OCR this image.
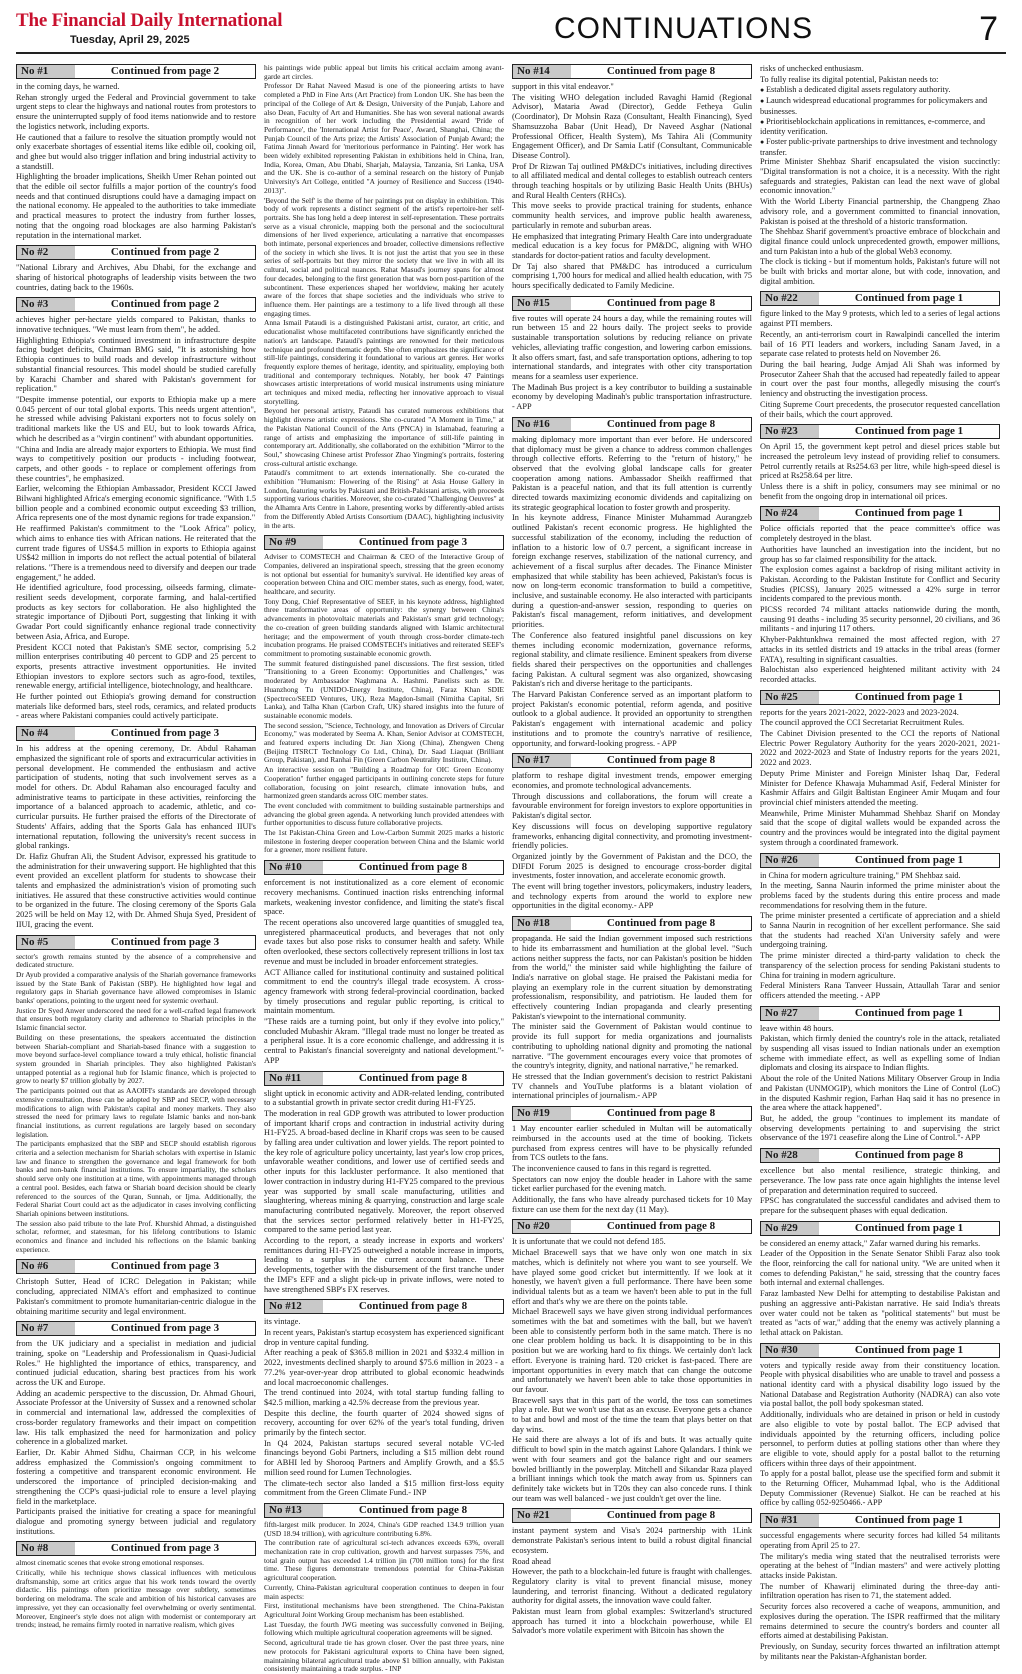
The Financial Daily International
Tuesday, April 29, 2025	CONTINUATIONS	7
No #1	Continued from page 2

in the coming days, he warned.

Rehan strongly urged the Federal and Provincial government to take urgent steps to clear the highways and national routes from protestors to ensure the uninterrupted supply of food items nationwide and to restore the logistics network, including exports.

He cautioned that a failure to resolve the situation promptly would not only exacerbate shortages of essential items like edible oil, cooking oil, and ghee but would also trigger inflation and bring industrial activity to a standstill.

Highlighting the broader implications, Sheikh Umer Rehan pointed out that the edible oil sector fulfills a major portion of the country's food needs and that continued disruptions could have a damaging impact on the national economy. He appealed to the authorities to take immediate and practical measures to protect the industry from further losses, noting that the ongoing road blockages are also harming Pakistan's reputation in the international market.

No #2	Continued from page 2

"National Library and Archives, Abu Dhabi, for the exchange and sharing of historical photographs of leadership visits between the two countries, dating back to the 1960s.

No #3	Continued from page 2

achieves higher per-hectare yields compared to Pakistan, thanks to innovative techniques. "We must learn from them", he added.

Highlighting Ethiopia's continued investment in infrastructure despite facing budget deficits, Chairman BMG said, "It is astonishing how Ethiopia continues to build roads and develop infrastructure without substantial financial resources. This model should be studied carefully by Karachi Chamber and shared with Pakistan's government for replication."

"Despite immense potential, our exports to Ethiopia make up a mere 0.045 percent of our total global exports. This needs urgent attention", he stressed while advising Pakistani exporters not to focus solely on traditional markets like the US and EU, but to look towards Africa, which he described as a "virgin continent" with abundant opportunities.

"China and India are already major exporters to Ethiopia. We must find ways to competitively position our products - including footwear, carpets, and other goods - to replace or complement offerings from these countries", he emphasized.

Earlier, welcoming the Ethiopian Ambassador, President KCCI Jawed Bilwani highlighted Africa's emerging economic significance. "With 1.5 billion people and a combined economic output exceeding $3 trillion, Africa represents one of the most dynamic regions for trade expansion."

He reaffirmed Pakistan's commitment to the "Look Africa" policy, which aims to enhance ties with African nations. He reiterated that the current trade figures of US$4.5 million in exports to Ethiopia against US$42 million in imports do not reflect the actual potential of bilateral relations. "There is a tremendous need to diversify and deepen our trade engagement," he added.

He identified agriculture, food processing, oilseeds farming, climate-resilient seeds development, corporate farming, and halal-certified products as key sectors for collaboration. He also highlighted the strategic importance of Djibouti Port, suggesting that linking it with Gwadar Port could significantly enhance regional trade connectivity between Asia, Africa, and Europe.

President KCCI noted that Pakistan's SME sector, comprising 5.2 million enterprises contributing 40 percent to GDP and 25 percent to exports, presents attractive investment opportunities. He invited Ethiopian investors to explore sectors such as agro-food, textiles, renewable energy, artificial intelligence, biotechnology, and healthcare.

He further pointed out Ethiopia's growing demand for construction materials like deformed bars, steel rods, ceramics, and related products - areas where Pakistani companies could actively participate.

No #4	Continued from page 3

In his address at the opening ceremony, Dr. Abdul Rahaman emphasized the significant role of sports and extracurricular activities in personal development. He commended the enthusiasm and active participation of students, noting that such involvement serves as a model for others. Dr. Abdul Rahaman also encouraged faculty and administrative teams to participate in these activities, reinforcing the importance of a balanced approach to academic, athletic, and co-curricular pursuits. He further praised the efforts of the Directorate of Students' Affairs, adding that the Sports Gala has enhanced IIUI's international reputation, following the university's recent success in global rankings.

Dr. Hafiz Ghufran Ali, the Student Advisor, expressed his gratitude to the administration for their unwavering support. He highlighted that this event provided an excellent platform for students to showcase their talents and emphasized the administration's vision of promoting such initiatives. He assured that these constructive activities would continue to be organized in the future. The closing ceremony of the Sports Gala 2025 will be held on May 12, with Dr. Ahmed Shuja Syed, President of IIUI, gracing the event.

No #5	Continued from page 3

sector's growth remains stunted by the absence of a comprehensive and dedicated structure.

Dr Ayub provided a comparative analysis of the Shariah governance frameworks issued by the State Bank of Pakistan (SBP). He highlighted how legal and regulatory gaps in Shariah governance have allowed compromises in Islamic banks' operations, pointing to the urgent need for systemic overhaul.

Justice Dr Syed Anwer underscored the need for a well-crafted legal framework that ensures both regulatory clarity and adherence to Shariah principles in the Islamic financial sector.

Building on these presentations, the speakers accentuated the distinction between Shariah-compliant and Shariah-based finance with a suggestion to move beyond surface-level compliance toward a truly ethical, holistic financial system grounded in Shariah principles. They also highlighted Pakistan's untapped potential as a regional hub for Islamic finance, which is projected to grow to nearly $7 trillion globally by 2027.

The participants pointed out that as AAOIFI's standards are developed through extensive consultation, these can be adopted by SBP and SECP, with necessary modifications to align with Pakistan's capital and money markets. They also stressed the need for primary laws to regulate Islamic banks and non-bank financial institutions, as current regulations are largely based on secondary legislation.

The participants emphasized that the SBP and SECP should establish rigorous criteria and a selection mechanism for Shariah scholars with expertise in Islamic law and finance to strengthen the governance and legal framework for both banks and non-bank financial institutions. To ensure impartiality, the scholars should serve only one institution at a time, with appointments managed through a central pool. Besides, each fatwa or Shariah board decision should be clearly referenced to the sources of the Quran, Sunnah, or Ijma. Additionally, the Federal Shariat Court could act as the adjudicator in cases involving conflicting Shariah opinions between institutions.

The session also paid tribute to the late Prof. Khurshid Ahmad, a distinguished scholar, reformer, and statesman, for his lifelong contributions to Islamic economics and finance and included his reflections on the Islamic banking experience.

No #6	Continued from page 3

Christoph Sutter, Head of ICRC Delegation in Pakistan; while concluding, appreciated NIMA's effort and emphasized to continue Pakistan's commitment to promote humanitarian-centric dialogue in the obtaining maritime security and legal environment.

No #7	Continued from page 3

from the UK judiciary and a specialist in mediation and judicial training, spoke on "Leadership and Professionalism in Quasi-Judicial Roles." He highlighted the importance of ethics, transparency, and continued judicial education, sharing best practices from his work across the UK and Europe.

Adding an academic perspective to the discussion, Dr. Ahmad Ghouri, Associate Professor at the University of Sussex and a renowned scholar in commercial and international law, addressed the complexities of cross-border regulatory frameworks and their impact on competition law. His talk emphasized the need for harmonization and policy coherence in a globalized market.

Earlier, Dr. Kabir Ahmed Sidhu, Chairman CCP, in his welcome address emphasized the Commission's ongoing commitment to fostering a competitive and transparent economic environment. He underscored the importance of principled decision-making and strengthening the CCP's quasi-judicial role to ensure a level playing field in the marketplace.

Participants praised the initiative for creating a space for meaningful dialogue and promoting synergy between judicial and regulatory institutions.

No #8	Continued from page 3

almost cinematic scenes that evoke strong emotional responses.

Critically, while his technique shows classical influences with meticulous draftsmanship, some art critics argue that his work tends toward the overtly didactic. His paintings often prioritize message over subtlety, sometimes bordering on melodrama. The scale and ambition of his historical canvases are impressive, yet they can occasionally feel overwhelming or overly sentimental. Moreover, Engineer's style does not align with modernist or contemporary art trends; instead, he remains firmly rooted in narrative realism, which gives

his paintings wide public appeal but limits his critical acclaim among avant-garde art circles.

Professor Dr Rahat Naveed Masud is one of the pioneering artists to have completed a PhD in Fine Arts (Art Practice) from London UK. She has been the principal of the College of Art & Design, University of the Punjab, Lahore and also Dean, Faculty of Art and Humanities. She has won several national awards in recognition of her work including the Presidential award 'Pride of Performance', the 'International Artist for Peace', Award, Shanghai, China; the Punjab Council of the Arts prize; the Artists' Association of Punjab Award; the Fatima Jinnah Award for 'meritorious performance in Painting'. Her work has been widely exhibited representing Pakistan in exhibitions held in China, Iran, India, Korea, Oman, Abu Dhabi, Sharjah, Malaysia, Tanzania, Sri Lanka, USA and the UK. She is co-author of a seminal research on the history of Punjab University's Art College, entitled "A journey of Resilience and Success (1940-2013)".

'Beyond the Self' is the theme of her paintings put on display in exhibition. This body of work represents a distinct segment of the artist's repertoire-her self-portraits. She has long held a deep interest in self-representation. These portraits serve as a visual chronicle, mapping both the personal and the sociocultural dimensions of her lived experience, articulating a narrative that encompasses both intimate, personal experiences and broader, collective dimensions reflective of the society in which she lives. It is not just the artist that you see in these series of self-portraits but they mirror the society that we live in with all its cultural, social and political nuances. Rahat Masud's journey spans for almost four decades, belonging to the first generation that was born post-partition of the subcontinent. These experiences shaped her worldview, making her acutely aware of the forces that shape societies and the individuals who strive to influence them. Her paintings are a testimony to a life lived through all these engaging times.

Anna Ismail Pataudi is a distinguished Pakistani artist, curator, art critic, and educationalist whose multifaceted contributions have significantly enriched the nation's art landscape. Pataudi's paintings are renowned for their meticulous technique and profound thematic depth. She often emphasizes the significance of still-life paintings, considering it foundational to various art genres. Her works frequently explore themes of heritage, identity, and spirituality, employing both traditional and contemporary techniques. Notably, her book 47 Paintings showcases artistic interpretations of world musical instruments using miniature art techniques and mixed media, reflecting her innovative approach to visual storytelling.

Beyond her personal artistry, Pataudi has curated numerous exhibitions that highlight diverse artistic expressions. She co-curated "A Moment in Time," at the Pakistan National Council of the Arts (PNCA) in Islamabad, featuring a range of artists and emphasizing the importance of still-life painting in contemporary art. Additionally, she collaborated on the exhibition "Mirror to the Soul," showcasing Chinese artist Professor Zhao Yingming's portraits, fostering cross-cultural artistic exchange.

Pataudi's commitment to art extends internationally. She co-curated the exhibition "Humanism: Flowering of the Rising" at Asia House Gallery in London, featuring works by Pakistani and British-Pakistani artists, with proceeds supporting various charities. Moreover, she co-curated "Challenging Oeuvres" at the Alhamra Arts Centre in Lahore, presenting works by differently-abled artists from the Differently Abled Artists Consortium (DAAC), highlighting inclusivity in the arts.

No #9	Continued from page 3

Adviser to COMSTECH and Chairman & CEO of the Interactive Group of Companies, delivered an inspirational speech, stressing that the green economy is not optional but essential for humanity's survival. He identified key areas of cooperation between China and OIC member states, such as energy, food, water, healthcare, and security.

Tony Dong, Chief Representative of SEEF, in his keynote address, highlighted three transformative areas of opportunity: the synergy between China's advancements in photovoltaic materials and Pakistan's smart grid technology; the co-creation of green building standards aligned with Islamic architectural heritage; and the empowerment of youth through cross-border climate-tech incubation programs. He praised COMSTECH's initiatives and reiterated SEEF's commitment to promoting sustainable economic growth.

The summit featured distinguished panel discussions. The first session, titled "Transitioning to a Green Economy: Opportunities and Challenges," was moderated by Ambassador Naghmana A. Hashmi. Panelists such as Dr. Huanzhong Tu (UNIDO-Energy Institute, China), Faraz Khan SDIE (Spectreco/SEED Ventures, UK), Reza Magdon-Ismail (Nimitha Capital, Sri Lanka), and Talha Khan (Carbon Craft, UK) shared insights into the future of sustainable economic models.

The second session, "Science, Technology, and Innovation as Drivers of Circular Economy," was moderated by Seema A. Khan, Senior Advisor at COMSTECH, and featured experts including Dr. Jian Xiong (China), Zhengwen Cheng (Beijing ITSRCT Technology Co Ltd., China), Dr. Saad Liaquat (Brilliant Group, Pakistan), and Ranhai Fin (Green Carbon Neutrality Institute, China).

An interactive session on "Building a Roadmap for OIC Green Economy Cooperation" further engaged participants in outlining concrete steps for future collaboration, focusing on joint research, climate innovation hubs, and harmonized green standards across OIC member states.

The event concluded with commitment to building sustainable partnerships and advancing the global green agenda. A networking lunch provided attendees with further opportunities to discuss future collaborative projects.

The 1st Pakistan-China Green and Low-Carbon Summit 2025 marks a historic milestone in fostering deeper cooperation between China and the Islamic world for a greener, more resilient future.

No #10	Continued from page 8

enforcement is not institutionalized as a core element of economic recovery mechanisms. Continued inaction risks entrenching informal markets, weakening investor confidence, and limiting the state's fiscal space.

The recent operations also uncovered large quantities of smuggled tea, unregistered pharmaceutical products, and beverages that not only evade taxes but also pose risks to consumer health and safety. While often overlooked, these sectors collectively represent trillions in lost tax revenue and must be included in broader enforcement strategies.

ACT Alliance called for institutional continuity and sustained political commitment to end the country's illegal trade ecosystem. A cross-agency framework with strong federal-provincial coordination, backed by timely prosecutions and regular public reporting, is critical to maintain momentum.

"These raids are a turning point, but only if they evolve into policy," concluded Mubashir Akram. "Illegal trade must no longer be treated as a peripheral issue. It is a core economic challenge, and addressing it is central to Pakistan's financial sovereignty and national development."- APP

No #11	Continued from page 8

slight uptick in economic activity and ADR-related lending, contributed to a substantial growth in private sector credit during H1-FY25.

The moderation in real GDP growth was attributed to lower production of important kharif crops and contraction in industrial activity during H1-FY25. A broad-based decline in Kharif crops was seen to be caused by falling area under cultivation and lower yields. The report pointed to the key role of agriculture policy uncertainty, last year's low crop prices, unfavorable weather conditions, and lower use of certified seeds and other inputs for this lackluster performance. It also mentioned that lower contraction in industry during H1-FY25 compared to the previous year was supported by small scale manufacturing, utilities and slaughtering, whereas mining & quarrying, construction and large scale manufacturing contributed negatively. Moreover, the report observed that the services sector performed relatively better in H1-FY25, compared to the same period last year.

According to the report, a steady increase in exports and workers' remittances during H1-FY25 outweighed a notable increase in imports, leading to a surplus in the current account balance. These developments, together with the disbursement of the first tranche under the IMF's EFF and a slight pick-up in private inflows, were noted to have strengthened SBP's FX reserves.

No #12	Continued from page 8

its vintage.

In recent years, Pakistan's startup ecosystem has experienced significant drop in venture capital funding.

After reaching a peak of $365.8 million in 2021 and $332.4 million in 2022, investments declined sharply to around $75.6 million in 2023 - a 77.2% year-over-year drop attributed to global economic headwinds and local macroeconomic challenges.

The trend continued into 2024, with total startup funding falling to $42.5 million, marking a 42.5% decrease from the previous year.

Despite this decline, the fourth quarter of 2024 showed signs of recovery, accounting for over 62% of the year's total funding, driven primarily by the fintech sector.

In Q4 2024, Pakistan startups secured several notable VC-led financings beyond Gobi Partners, including a $15 million debt round for ABHI led by Shorooq Partners and Amplify Growth, and a $5.5 million seed round for Lumen Technologies.

The climate-tech sector also landed a $15 million first-loss equity commitment from the Green Climate Fund.- INP

No #13	Continued from page 8

fifth-largest milk producer. In 2024, China's GDP reached 134.9 trillion yuan (USD 18.94 trillion), with agriculture contributing 6.8%.

The contribution rate of agricultural sci-tech advances exceeds 63%, overall mechanization rate in crop cultivation, growth and harvest surpasses 75%, and total grain output has exceeded 1.4 trillion jin (700 million tons) for the first time. These figures demonstrate tremendous potential for China-Pakistan agricultural cooperation.

Currently, China-Pakistan agricultural cooperation continues to deepen in four main aspects:

First, institutional mechanisms have been strengthened. The China-Pakistan Agricultural Joint Working Group mechanism has been established.

Last Tuesday, the fourth JWG meeting was successfully convened in Beijing, following which multiple agricultural cooperation agreements will be signed.

Second, agricultural trade tie has grown closer. Over the past three years, nine new protocols for Pakistani agricultural exports to China have been signed, maintaining bilateral agricultural trade above $1 billion annually, with Pakistan consistently maintaining a trade surplus. - INP

No #14	Continued from page 8

support in this vital endeavor."

The visiting WHO delegation included Ravaghi Hamid (Regional Advisor), Mataria Awad (Director), Gedde Fetheya Gulin (Coordinator), Dr Mohsin Raza (Consultant, Health Financing), Syed Shamsuzzoha Babar (Unit Head), Dr Naveed Asghar (National Professional Officer, Health System), Ms Tahira Ali (Community Engagement Officer), and Dr Samia Latif (Consultant, Communicable Disease Control).

Prof Dr Rizwan Taj outlined PM&DC's initiatives, including directives to all affiliated medical and dental colleges to establish outreach centers through teaching hospitals or by utilizing Basic Health Units (BHUs) and Rural Health Centers (RHCs).

This move seeks to provide practical training for students, enhance community health services, and improve public health awareness, particularly in remote and suburban areas.

He emphasized that integrating Primary Health Care into undergraduate medical education is a key focus for PM&DC, aligning with WHO standards for doctor-patient ratios and faculty development.

Dr Taj also shared that PM&DC has introduced a curriculum comprising 1,700 hours for medical and allied health education, with 75 hours specifically dedicated to Family Medicine.

No #15	Continued from page 8

five routes will operate 24 hours a day, while the remaining routes will run between 15 and 22 hours daily. The project seeks to provide sustainable transportation solutions by reducing reliance on private vehicles, alleviating traffic congestion, and lowering carbon emissions. It also offers smart, fast, and safe transportation options, adhering to top international standards, and integrates with other city transportation means for a seamless user experience.

The Madinah Bus project is a key contributor to building a sustainable economy by developing Madinah's public transportation infrastructure. - APP

No #16	Continued from page 8

making diplomacy more important than ever before. He underscored that diplomacy must be given a chance to address common challenges through collective efforts. Referring to the "return of history," he observed that the evolving global landscape calls for greater cooperation among nations. Ambassador Sheikh reaffirmed that Pakistan is a peaceful nation, and that its full attention is currently directed towards maximizing economic dividends and capitalizing on its strategic geographical location to foster growth and prosperity.

In his keynote address, Finance Minister Muhammad Aurangzeb outlined Pakistan's recent economic progress. He highlighted the successful stabilization of the economy, including the reduction of inflation to a historic low of 0.7 percent, a significant increase in foreign exchange reserves, stabilization of the national currency, and achievement of a fiscal surplus after decades. The Finance Minister emphasized that while stability has been achieved, Pakistan's focus is now on long-term economic transformation to build a competitive, inclusive, and sustainable economy. He also interacted with participants during a question-and-answer session, responding to queries on Pakistan's fiscal management, reform initiatives, and development priorities.

The Conference also featured insightful panel discussions on key themes including economic modernization, governance reforms, regional stability, and climate resilience. Eminent speakers from diverse fields shared their perspectives on the opportunities and challenges facing Pakistan. A cultural segment was also organized, showcasing Pakistan's rich and diverse heritage to the participants.

The Harvard Pakistan Conference served as an important platform to project Pakistan's economic potential, reform agenda, and positive outlook to a global audience. It provided an opportunity to strengthen Pakistan's engagement with international academic and policy institutions and to promote the country's narrative of resilience, opportunity, and forward-looking progress. - APP

No #17	Continued from page 8

platform to reshape digital investment trends, empower emerging economies, and promote technological advancements.

Through discussions and collaborations, the forum will create a favourable environment for foreign investors to explore opportunities in Pakistan's digital sector.

Key discussions will focus on developing supportive regulatory frameworks, enhancing digital connectivity, and promoting investment-friendly policies.

Organized jointly by the Government of Pakistan and the DCO, the DIFDI Forum 2025 is designed to encourage cross-border digital investments, foster innovation, and accelerate economic growth.

The event will bring together investors, policymakers, industry leaders, and technology experts from around the world to explore new opportunities in the digital economy.- APP

No #18	Continued from page 8

propaganda. He said the Indian government imposed such restrictions to hide its embarrassment and humiliation at the global level. "Such actions neither suppress the facts, nor can Pakistan's position be hidden from the world," the minister said while highlighting the failure of India's narrative on global stage. He praised the Pakistani media for playing an exemplary role in the current situation by demonstrating professionalism, responsibility, and patriotism. He lauded them for effectively countering Indian propaganda and clearly presenting Pakistan's viewpoint to the international community.

The minister said the Government of Pakistan would continue to provide its full support for media organizations and journalists contributing to upholding national dignity and promoting the national narrative. "The government encourages every voice that promotes of the country's integrity, dignity, and national narrative," he remarked.

He stressed that the Indian government's decision to restrict Pakistani TV channels and YouTube platforms is a blatant violation of international principles of journalism.- APP

No #19	Continued from page 8

1 May encounter earlier scheduled in Multan will be automatically reimbursed in the accounts used at the time of booking. Tickets purchased from express centres will have to be physically refunded from TCS outlets to the fans.

The inconvenience caused to fans in this regard is regretted.

Spectators can now enjoy the double header in Lahore with the same ticket earlier purchased for the evening match.

Additionally, the fans who have already purchased tickets for 10 May fixture can use them for the next day (11 May).

No #20	Continued from page 8

It is unfortunate that we could not defend 185.

Michael Bracewell says that we have only won one match in six matches, which is definitely not where you want to see yourself. We have played some good cricket but intermittently. If we look at it honestly, we haven't given a full performance. There have been some individual talents but as a team we haven't been able to put in the full effort and that's why we are there on the points table.

Michael Bracewell says we have given strong individual performances sometimes with the bat and sometimes with the ball, but we haven't been able to consistently perform both in the same match. There is no one clear problem holding us back. It is disappointing to be in this position but we are working hard to fix things. We certainly don't lack effort. Everyone is training hard. T20 cricket is fast-paced. There are important opportunities in every match that can change the outcome and unfortunately we haven't been able to take those opportunities in our favour.

Bracewell says that in this part of the world, the toss can sometimes play a role. But we won't use that as an excuse. Everyone gets a chance to bat and bowl and most of the time the team that plays better on that day wins.

He said there are always a lot of ifs and buts. It was actually quite difficult to bowl spin in the match against Lahore Qalandars. I think we went with four seamers and got the balance right and our seamers bowled brilliantly in the powerplay. Mitchell and Sikandar Raza played a brilliant innings which took the match away from us. Spinners can definitely take wickets but in T20s they can also concede runs. I think our team was well balanced - we just couldn't get over the line.

No #21	Continued from page 8

instant payment system and Visa's 2024 partnership with 1Link demonstrate Pakistan's serious intent to build a robust digital financial ecosystem.

Road ahead

However, the path to a blockchain-led future is fraught with challenges. Regulatory clarity is vital to prevent financial misuse, money laundering, and terrorist financing. Without a dedicated regulatory authority for digital assets, the innovation wave could falter.

Pakistan must learn from global examples: Switzerland's structured approach has turned it into a blockchain powerhouse, while El Salvador's more volatile experiment with Bitcoin has shown the

risks of unchecked enthusiasm.

To fully realise its digital potential, Pakistan needs to:

● Establish a dedicated digital assets regulatory authority.
● Launch widespread educational programmes for policymakers and businesses.
● Prioritiseblockchain applications in remittances, e-commerce, and identity verification.
● Foster public-private partnerships to drive investment and technology transfer.

Prime Minister Shehbaz Sharif encapsulated the vision succinctly: "Digital transformation is not a choice, it is a necessity. With the right safeguards and strategies, Pakistan can lead the next wave of global economic innovation."

With the World Liberty Financial partnership, the Changpeng Zhao advisory role, and a government committed to financial innovation, Pakistan is poised at the threshold of a historic transformation.

The Shehbaz Sharif government's proactive embrace of blockchain and digital finance could unlock unprecedented growth, empower millions, and turn Pakistan into a hub of the global Web3 economy.

The clock is ticking - but if momentum holds, Pakistan's future will not be built with bricks and mortar alone, but with code, innovation, and digital ambition.

No #22	Continued from page 1

figure linked to the May 9 protests, which led to a series of legal actions against PTI members.

Recently, an anti-terrorism court in Rawalpindi cancelled the interim bail of 16 PTI leaders and workers, including Sanam Javed, in a separate case related to protests held on November 26.

During the bail hearing, Judge Amjad Ali Shah was informed by Prosecutor Zaheer Shah that the accused had repeatedly failed to appear in court over the past four months, allegedly misusing the court's leniency and obstructing the investigation process.

Citing Supreme Court precedents, the prosecutor requested cancellation of their bails, which the court approved.

No #23	Continued from page 1

On April 15, the government kept petrol and diesel prices stable but increased the petroleum levy instead of providing relief to consumers. Petrol currently retails at Rs254.63 per litre, while high-speed diesel is priced at Rs258.64 per litre.

Unless there is a shift in policy, consumers may see minimal or no benefit from the ongoing drop in international oil prices.

No #24	Continued from page 1

Police officials reported that the peace committee's office was completely destroyed in the blast.

Authorities have launched an investigation into the incident, but no group has so far claimed responsibility for the attack.

The explosion comes against a backdrop of rising militant activity in Pakistan. According to the Pakistan Institute for Conflict and Security Studies (PICSS), January 2025 witnessed a 42% surge in terror incidents compared to the previous month.

PICSS recorded 74 militant attacks nationwide during the month, causing 91 deaths - including 35 security personnel, 20 civilians, and 36 militants - and injuring 117 others.

Khyber-Pakhtunkhwa remained the most affected region, with 27 attacks in its settled districts and 19 attacks in the tribal areas (former FATA), resulting in significant casualties.

Balochistan also experienced heightened militant activity with 24 recorded attacks.

No #25	Continued from page 1

reports for the years 2021-2022, 2022-2023 and 2023-2024.

The council approved the CCI Secretariat Recruitment Rules.

The Cabinet Division presented to the CCI the reports of National Electric Power Regulatory Authority for the years 2020-2021, 2021-2022 and 2022-2023 and State of Industry reports for the years 2021, 2022 and 2023.

Deputy Prime Minister and Foreign Minister Ishaq Dar, Federal Minister for Defence Khawaja Muhammad Asif, Federal Minister for Kashmir Affairs and Gilgit Baltistan Engineer Amir Muqam and four provincial chief ministers attended the meeting.

Meanwhile, Prime Minister Muhammad Shehbaz Sharif on Monday said that the scope of digital wallets would be expanded across the country and the provinces would be integrated into the digital payment system through a coordinated framework.

No #26	Continued from page 1

in China for modern agriculture training," PM Shehbaz said.

In the meeting, Sanna Naurin informed the prime minister about the problems faced by the students during this entire process and made recommendations for resolving them in the future.

The prime minister presented a certificate of appreciation and a shield to Sanna Naurin in recognition of her excellent performance. She said that the students had reached Xi'an University safely and were undergoing training.

The prime minister directed a third-party validation to check the transparency of the selection process for sending Pakistani students to China for training in modern agriculture.

Federal Ministers Rana Tanveer Hussain, Attaullah Tarar and senior officers attended the meeting. - APP

No #27	Continued from page 1

leave within 48 hours.

Pakistan, which firmly denied the country's role in the attack, retaliated by suspending all visas issued to Indian nationals under an exemption scheme with immediate effect, as well as expelling some of Indian diplomats and closing its airspace to Indian flights.

About the role of the United Nations Military Observer Group in India and Pakistan (UNMOGIP), which monitors the Line of Control (LoC) in the disputed Kashmir region, Farhan Haq said it has no presence in the area where the attack happened".

But, he added, the group "continues to implement its mandate of observing developments pertaining to and supervising the strict observance of the 1971 ceasefire along the Line of Control."- APP

No #28	Continued from page 8

excellence but also mental resilience, strategic thinking, and perseverance. The low pass rate once again highlights the intense level of preparation and determination required to succeed.

FPSC has congratulated the successful candidates and advised them to prepare for the subsequent phases with equal dedication.

No #29	Continued from page 1

be considered an enemy attack," Zafar warned during his remarks.

Leader of the Opposition in the Senate Senator Shibli Faraz also took the floor, reinforcing the call for national unity. "We are united when it comes to defending Pakistan," he said, stressing that the country faces both internal and external challenges.

Faraz lambasted New Delhi for attempting to destabilise Pakistan and pushing an aggressive anti-Pakistan narrative. He said India's threats over water could not be taken as "political statements" but must be treated as "acts of war," adding that the enemy was actively planning a lethal attack on Pakistan.

No #30	Continued from page 1

voters and typically reside away from their constituency location. People with physical disabilities who are unable to travel and possess a national identity card with a physical disability logo issued by the National Database and Registration Authority (NADRA) can also vote via postal ballot, the poll body spokesman stated.

Additionally, individuals who are detained in prison or held in custody are also eligible to vote by postal ballot. The ECP advised that individuals appointed by the returning officers, including police personnel, to perform duties at polling stations other than where they are eligible to vote, should apply for a postal ballot to the returning officers within three days of their appointment.

To apply for a postal ballot, please use the specified form and submit it to the Returning Officer, Muhammad Iqbal, who is the Additional Deputy Commissioner (Revenue) Sialkot. He can be reached at his office by calling 052-9250466.- APP

No #31	Continued from page 1

successful engagements where security forces had killed 54 militants operating from April 25 to 27.

The military's media wing stated that the neutralised terrorists were operating at the behest of "Indian masters" and were actively plotting attacks inside Pakistan.

The number of Khawarij eliminated during the three-day anti-infiltration operation has risen to 71, the statement added.

Security forces also recovered a cache of weapons, ammunition, and explosives during the operation. The ISPR reaffirmed that the military remains determined to secure the country's borders and counter all efforts aimed at destabilising Pakistan.

Previously, on Sunday, security forces thwarted an infiltration attempt by militants near the Pakistan-Afghanistan border.
